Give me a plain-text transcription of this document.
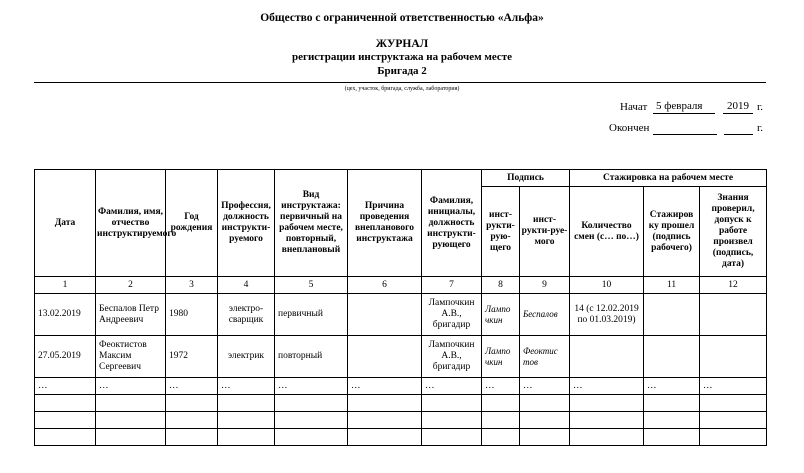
Общество с ограниченной ответственностью «Альфа»
ЖУРНАЛ
регистрации инструктажа на рабочем месте
Бригада 2
(цех, участок, бригада, служба, лаборатория)
Начат 5 февраля	2019 г.
Окончен	г.
Дата	Фамилия, имя, отчество инструктируемого	Год рождения	Профессия, должность инструкти-руемого	Вид инструктажа: первичный на рабочем месте, повторный, внеплановый	Причина проведения внепланового инструктажа	Фамилия, инициалы, должность инструкти-рующего	Подпись		Стажировка на рабочем месте		
							инст-рукти-рую-щего	инст-рукти-руе-мого	Количество смен (с… по…)	Стажиров ку прошел (подпись рабочего)	Знания проверил, допуск к работе произвел (подпись, дата)
1	2	3	4	5	6	7	8	9	10	11	12
13.02.2019	Беспалов Петр Андреевич	1980	электро-сварщик	первичный		Лампочкин А.В., бригадир	Лампо чкин	Беспалов	14 (с 12.02.2019 по 01.03.2019)		
27.05.2019	Феоктистов Максим Сергеевич	1972	электрик	повторный		Лампочкин А.В., бригадир	Лампо чкин	Феоктис тов			
…	…	…	…	…	…	…	…	…	…	…	…
